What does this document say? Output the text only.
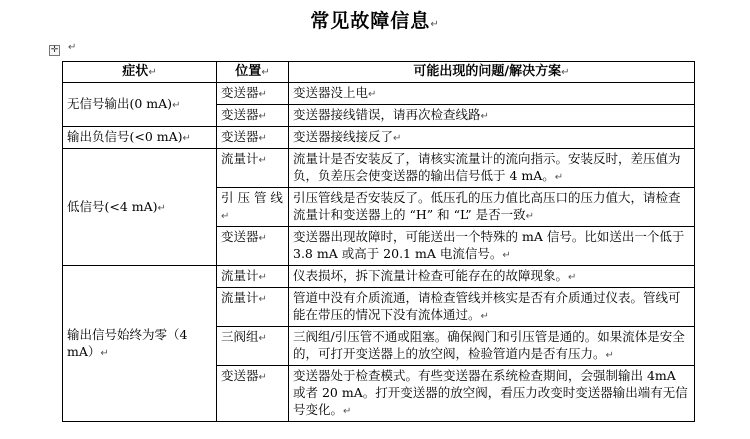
常见故障信息↵
✛ ↵
症状↵	位置↵	可能出现的问题/解决方案↵
无信号输出(0 mA)↵	变送器↵	变送器没上电↵
	变送器↵	变送器接线错误，请再次检查线路↵
输出负信号(<0 mA)↵	变送器↵	变送器接线接反了↵
低信号(<4 mA)↵	流量计↵	流量计是否安装反了，请核实流量计的流向指示。安装反时，差压值为负，负差压会使变送器的输出信号低于 4 mA。↵
	引 压 管 线↵	引压管线是否安装反了。低压孔的压力值比高压口的压力值大，请检查流量计和变送器上的 “H” 和 “L” 是否一致↵
	变送器↵	变送器出现故障时，可能送出一个特殊的 mA 信号。比如送出一个低于 3.8 mA 或高于 20.1 mA 电流信号。↵
输出信号始终为零（4 mA）↵	流量计↵	仪表损坏，拆下流量计检查可能存在的故障现象。↵
	流量计↵	管道中没有介质流通，请检查管线并核实是否有介质通过仪表。管线可能在带压的情况下没有流体通过。↵
	三阀组↵	三阀组/引压管不通或阻塞。确保阀门和引压管是通的。如果流体是安全的，可打开变送器上的放空阀，检验管道内是否有压力。↵
	变送器↵	变送器处于检查模式。有些变送器在系统检查期间，会强制输出 4mA 或者 20 mA。打开变送器的放空阀，看压力改变时变送器输出端有无信号变化。↵
